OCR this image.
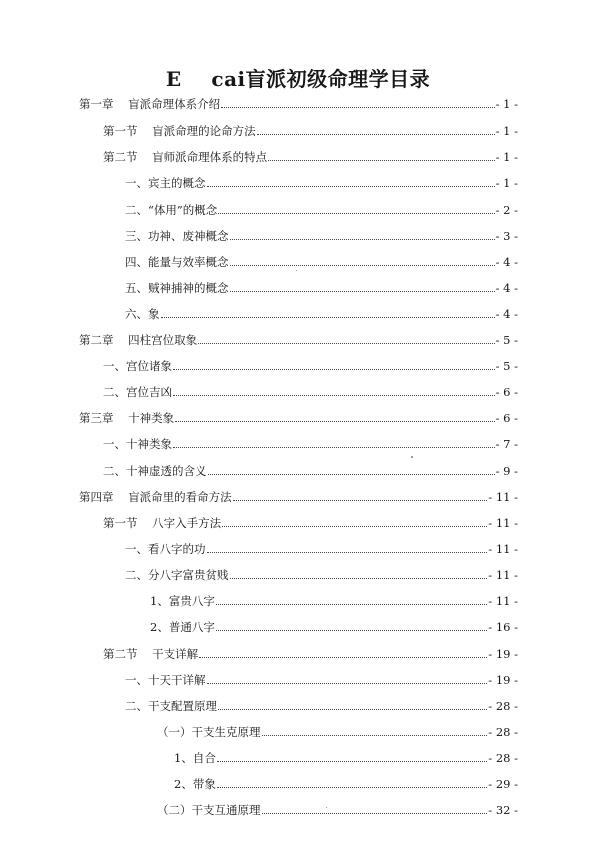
E    cai盲派初级命理学目录
第一章    盲派命理体系介绍	- 1 -
第一节    盲派命理的论命方法	- 1 -
第二节    盲师派命理体系的特点	- 1 -
一、宾主的概念	- 1 -
二、“体用”的概念	- 2 -
三、功神、废神概念	- 3 -
四、能量与效率概念	- 4 -
五、贼神捕神的概念	- 4 -
六、象	- 4 -
第二章    四柱宫位取象	- 5 -
一、宫位诸象	- 5 -
二、宫位吉凶	- 6 -
第三章    十神类象	- 6 -
一、十神类象	- 7 -
二、十神虚透的含义	- 9 -
第四章    盲派命里的看命方法	- 11 -
第一节    八字入手方法	- 11 -
一、看八字的功	- 11 -
二、分八字富贵贫贱	- 11 -
1、富贵八字	- 11 -
2、普通八字	- 16 -
第二节    干支详解	- 19 -
一、十天干详解	- 19 -
二、干支配置原理	- 28 -
（一）干支生克原理	- 28 -
1、自合	- 28 -
2、带象	- 29 -
（二）干支互通原理	- 32 -
